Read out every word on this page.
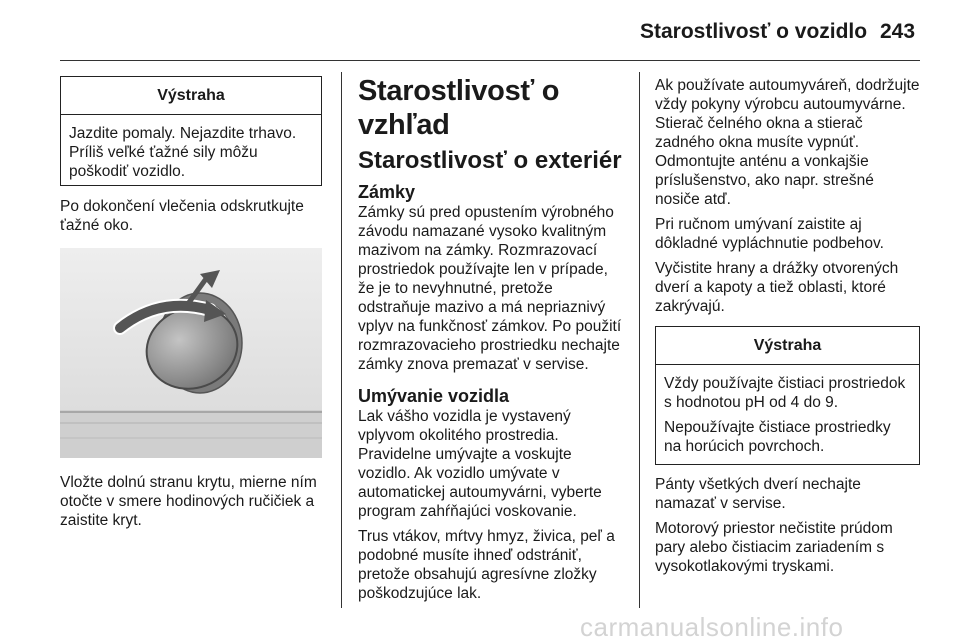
Starostlivosť o vozidlo 243
Výstraha

Jazdite pomaly. Nejazdite trhavo. Príliš veľké ťažné sily môžu poškodiť vozidlo.

Po dokončení vlečenia odskrutkujte ťažné oko.

Vložte dolnú stranu krytu, mierne ním otočte v smere hodinových ručičiek a zaistite kryt.

Starostlivosť o vzhľad
Starostlivosť o exteriér
Zámky

Zámky sú pred opustením výrobného závodu namazané vysoko kvalitným mazivom na zámky. Rozmrazovací prostriedok používajte len v prípade, že je to nevyhnutné, pretože odstraňuje mazivo a má nepriaznivý vplyv na funkčnosť zámkov. Po použití rozmrazovacieho prostriedku nechajte zámky znova premazať v servise.

Umývanie vozidla

Lak vášho vozidla je vystavený vplyvom okolitého prostredia. Pravidelne umývajte a voskujte vozidlo. Ak vozidlo umývate v automatickej autoumyvárni, vyberte program zahŕňajúci voskovanie.

Trus vtákov, mŕtvy hmyz, živica, peľ a podobné musíte ihneď odstrániť, pretože obsahujú agresívne zložky poškodzujúce lak.

Ak používate autoumyváreň, dodržujte vždy pokyny výrobcu autoumyvárne. Stierač čelného okna a stierač zadného okna musíte vypnúť. Odmontujte anténu a vonkajšie príslušenstvo, ako napr. strešné nosiče atď.

Pri ručnom umývaní zaistite aj dôkladné vypláchnutie podbehov.

Vyčistite hrany a drážky otvorených dverí a kapoty a tiež oblasti, ktoré zakrývajú.

Výstraha

Vždy používajte čistiaci prostriedok s hodnotou pH od 4 do 9.

Nepoužívajte čistiace prostriedky na horúcich povrchoch.

Pánty všetkých dverí nechajte namazať v servise.

Motorový priestor nečistite prúdom pary alebo čistiacim zariadením s vysokotlakovými tryskami.

carmanualsonline.info
